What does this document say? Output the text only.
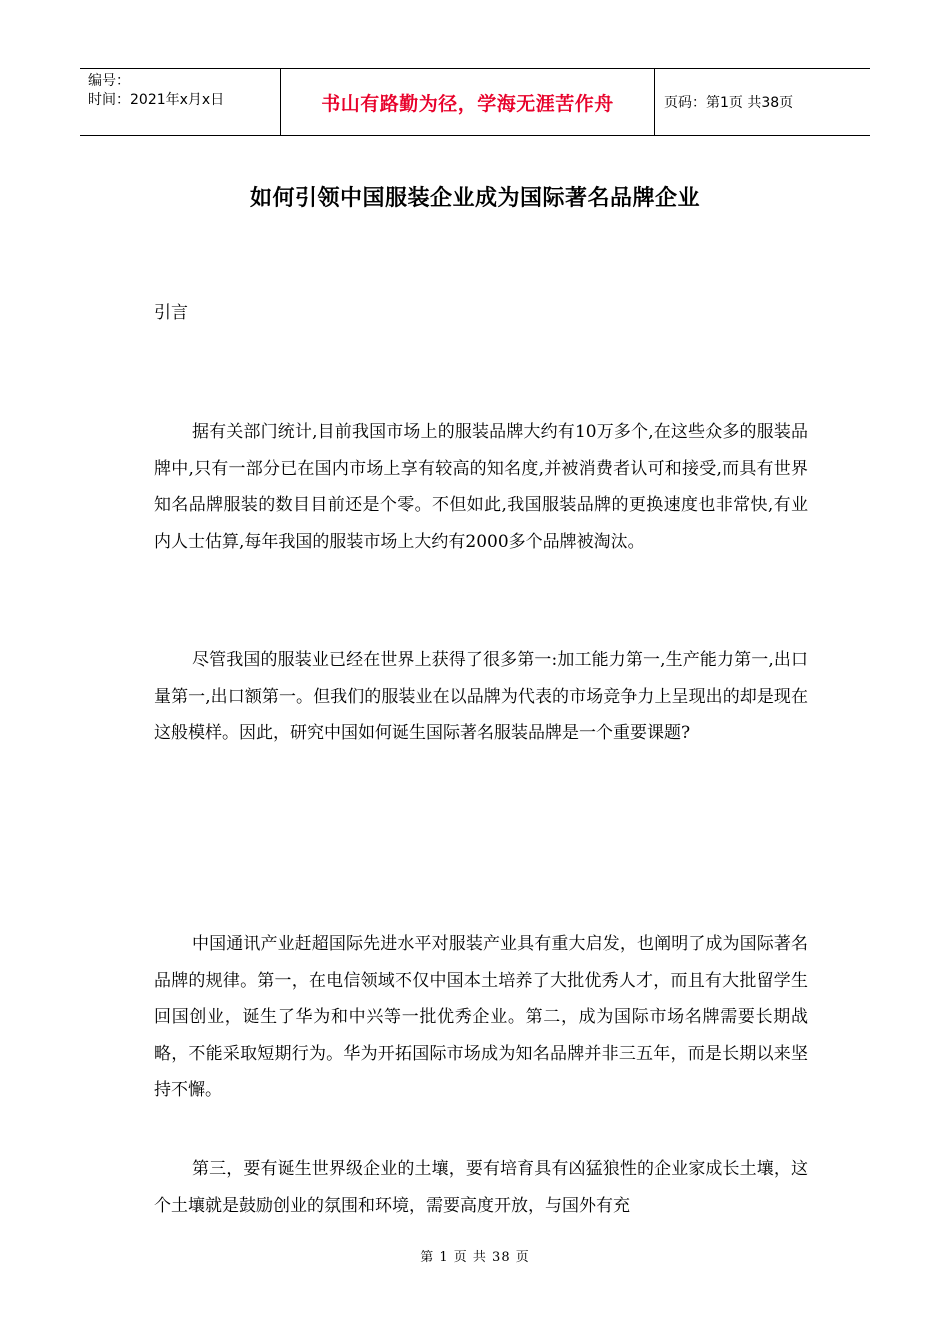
编号：
时间：2021年x月x日	书山有路勤为径，学海无涯苦作舟	页码：第1页 共38页
如何引领中国服装企业成为国际著名品牌企业
引言

据有关部门统计,目前我国市场上的服装品牌大约有10万多个,在这些众多的服装品牌中,只有一部分已在国内市场上享有较高的知名度,并被消费者认可和接受,而具有世界知名品牌服装的数目目前还是个零。不但如此,我国服装品牌的更换速度也非常快,有业内人士估算,每年我国的服装市场上大约有2000多个品牌被淘汰。

尽管我国的服装业已经在世界上获得了很多第一:加工能力第一,生产能力第一,出口量第一,出口额第一。但我们的服装业在以品牌为代表的市场竞争力上呈现出的却是现在这般模样。因此，研究中国如何诞生国际著名服装品牌是一个重要课题?

中国通讯产业赶超国际先进水平对服装产业具有重大启发，也阐明了成为国际著名品牌的规律。第一，在电信领域不仅中国本土培养了大批优秀人才，而且有大批留学生回国创业，诞生了华为和中兴等一批优秀企业。第二，成为国际市场名牌需要长期战略，不能采取短期行为。华为开拓国际市场成为知名品牌并非三五年，而是长期以来坚持不懈。

第三，要有诞生世界级企业的土壤，要有培育具有凶猛狼性的企业家成长土壤，这个土壤就是鼓励创业的氛围和环境，需要高度开放，与国外有充

第 1 页 共 38 页
